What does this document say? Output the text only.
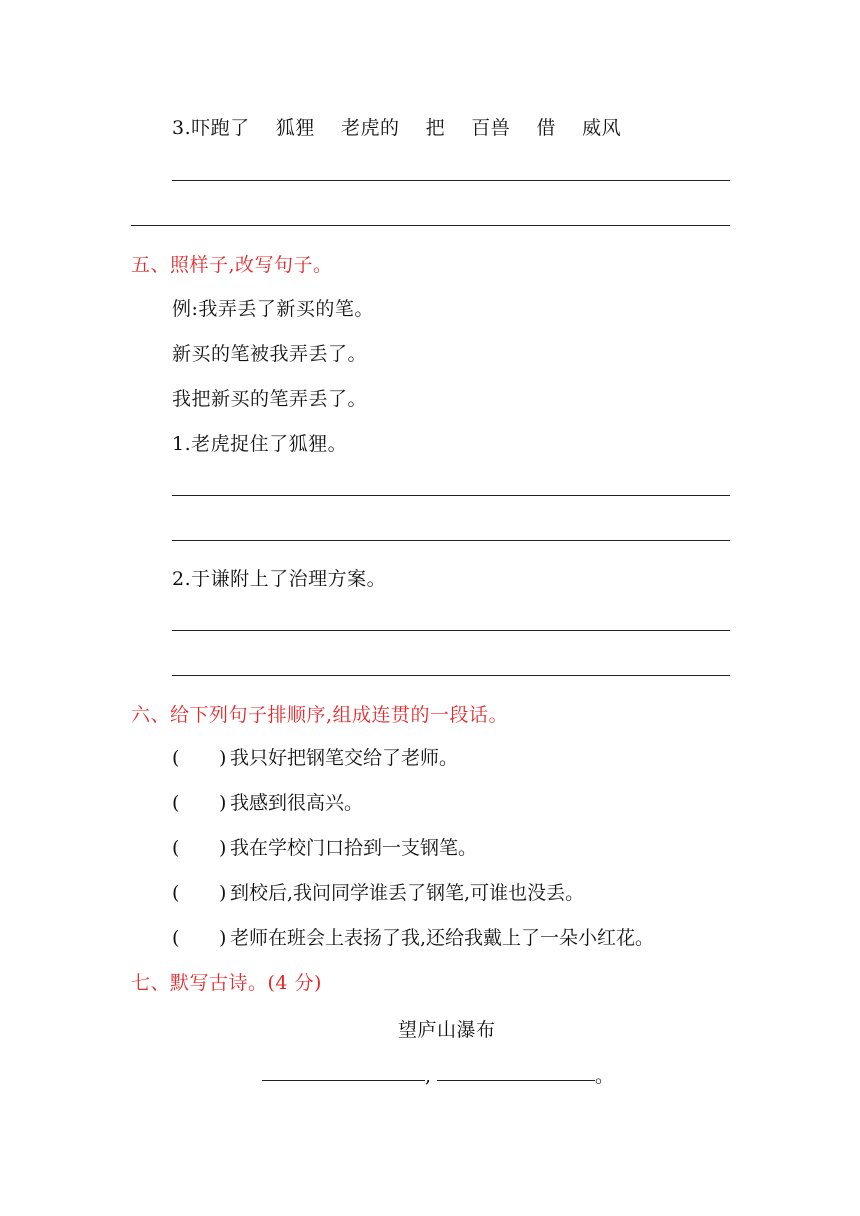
3.吓跑了    狐狸    老虎的    把    百兽    借    威风
五、照样子,改写句子。
例:我弄丢了新买的笔。
新买的笔被我弄丢了。
我把新买的笔弄丢了。
1.老虎捉住了狐狸。
2.于谦附上了治理方案。
六、给下列句子排顺序,组成连贯的一段话。

(

)

我只好把钢笔交给了老师。

(

)

我感到很高兴。

(

)

我在学校门口拾到一支钢笔。

(

)

到校后,我问同学谁丢了钢笔,可谁也没丢。

(

)

老师在班会上表扬了我,还给我戴上了一朵小红花。

七、默写古诗。(4 分)
望庐山瀑布
,	。
